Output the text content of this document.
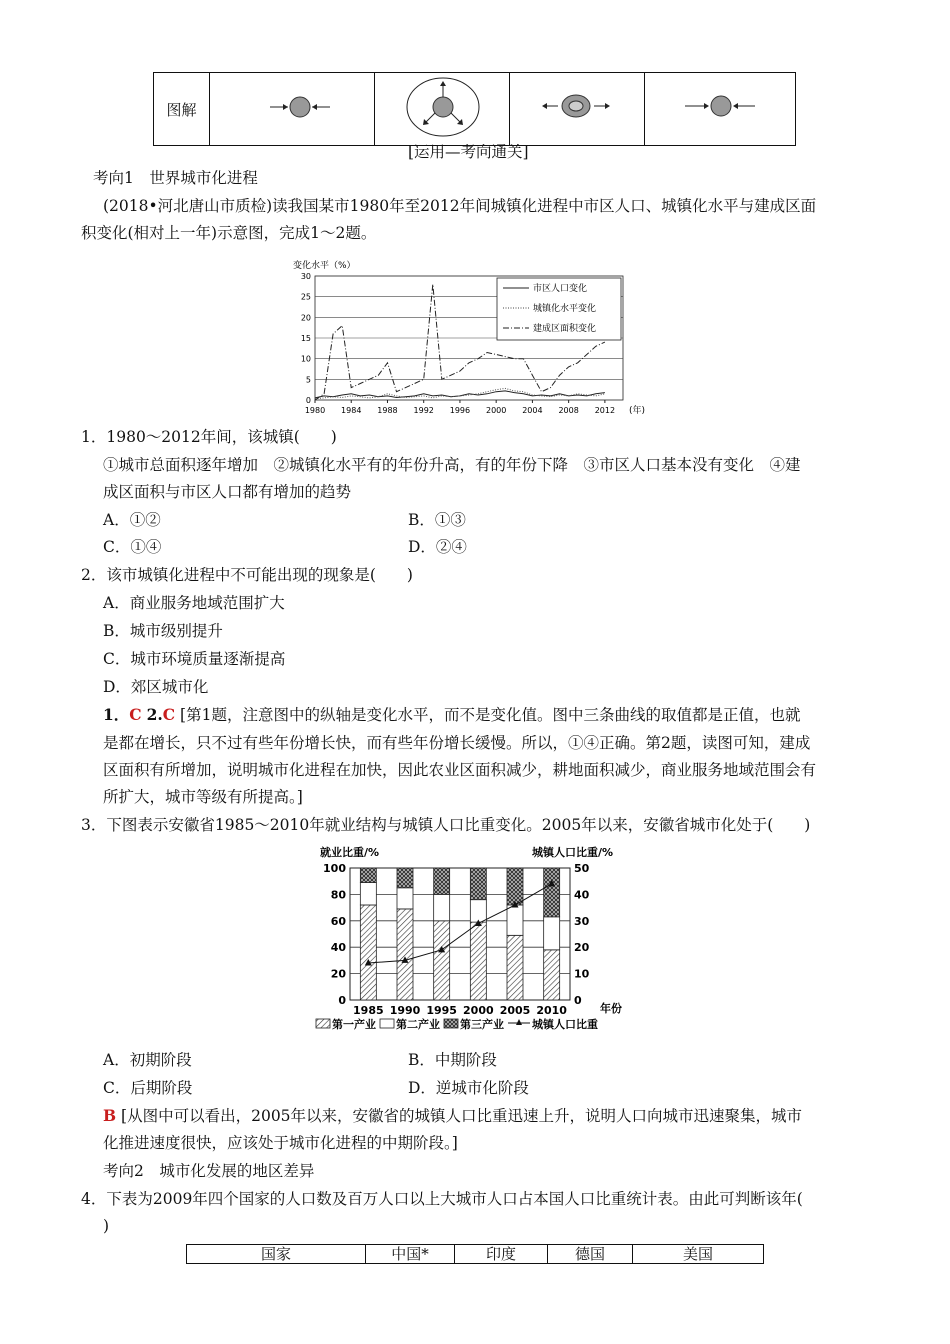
图解				
[运用—考向通关]
考向1　世界城市化进程
(2018•河北唐山市质检)读我国某市1980年至2012年间城镇化进程中市区人口、城镇化水平与建成区面
积变化(相对上一年)示意图，完成1～2题。
变化水平（%）
0
5
10
15
20
25
30
1980 1984 1988 1992 1996 2000 2004 2008 2012 (年)
市区人口变化
城镇化水平变化
建成区面积变化
1．1980～2012年间，该城镇(　　)
①城市总面积逐年增加　②城镇化水平有的年份升高，有的年份下降　③市区人口基本没有变化　④建
成区面积与市区人口都有增加的趋势
A．①②	B．①③
C．①④	D．②④
2．该市城镇化进程中不可能出现的现象是(　　)
A．商业服务地域范围扩大
B．城市级别提升
C．城市环境质量逐渐提高
D．郊区城市化
1．C 2.C [第1题，注意图中的纵轴是变化水平，而不是变化值。图中三条曲线的取值都是正值，也就
是都在增长，只不过有些年份增长快，而有些年份增长缓慢。所以，①④正确。第2题，读图可知，建成
区面积有所增加，说明城市化进程在加快，因此农业区面积减少，耕地面积减少，商业服务地域范围会有
所扩大，城市等级有所提高。]
3．下图表示安徽省1985～2010年就业结构与城镇人口比重变化。2005年以来，安徽省城市化处于(　　)
就业比重/%	城镇人口比重/%
0
20
40
60
80
100
0
10
20
30
40
50
1985 1990 1995 2000 2005 2010	年份
第一产业 第二产业 第三产业	城镇人口比重
A．初期阶段	B．中期阶段
C．后期阶段	D．逆城市化阶段
B [从图中可以看出，2005年以来，安徽省的城镇人口比重迅速上升，说明人口向城市迅速聚集，城市
化推进速度很快，应该处于城市化进程的中期阶段。]
考向2　城市化发展的地区差异
4．下表为2009年四个国家的人口数及百万人口以上大城市人口占本国人口比重统计表。由此可判断该年(
)
国家	中国*	印度	德国	美国
